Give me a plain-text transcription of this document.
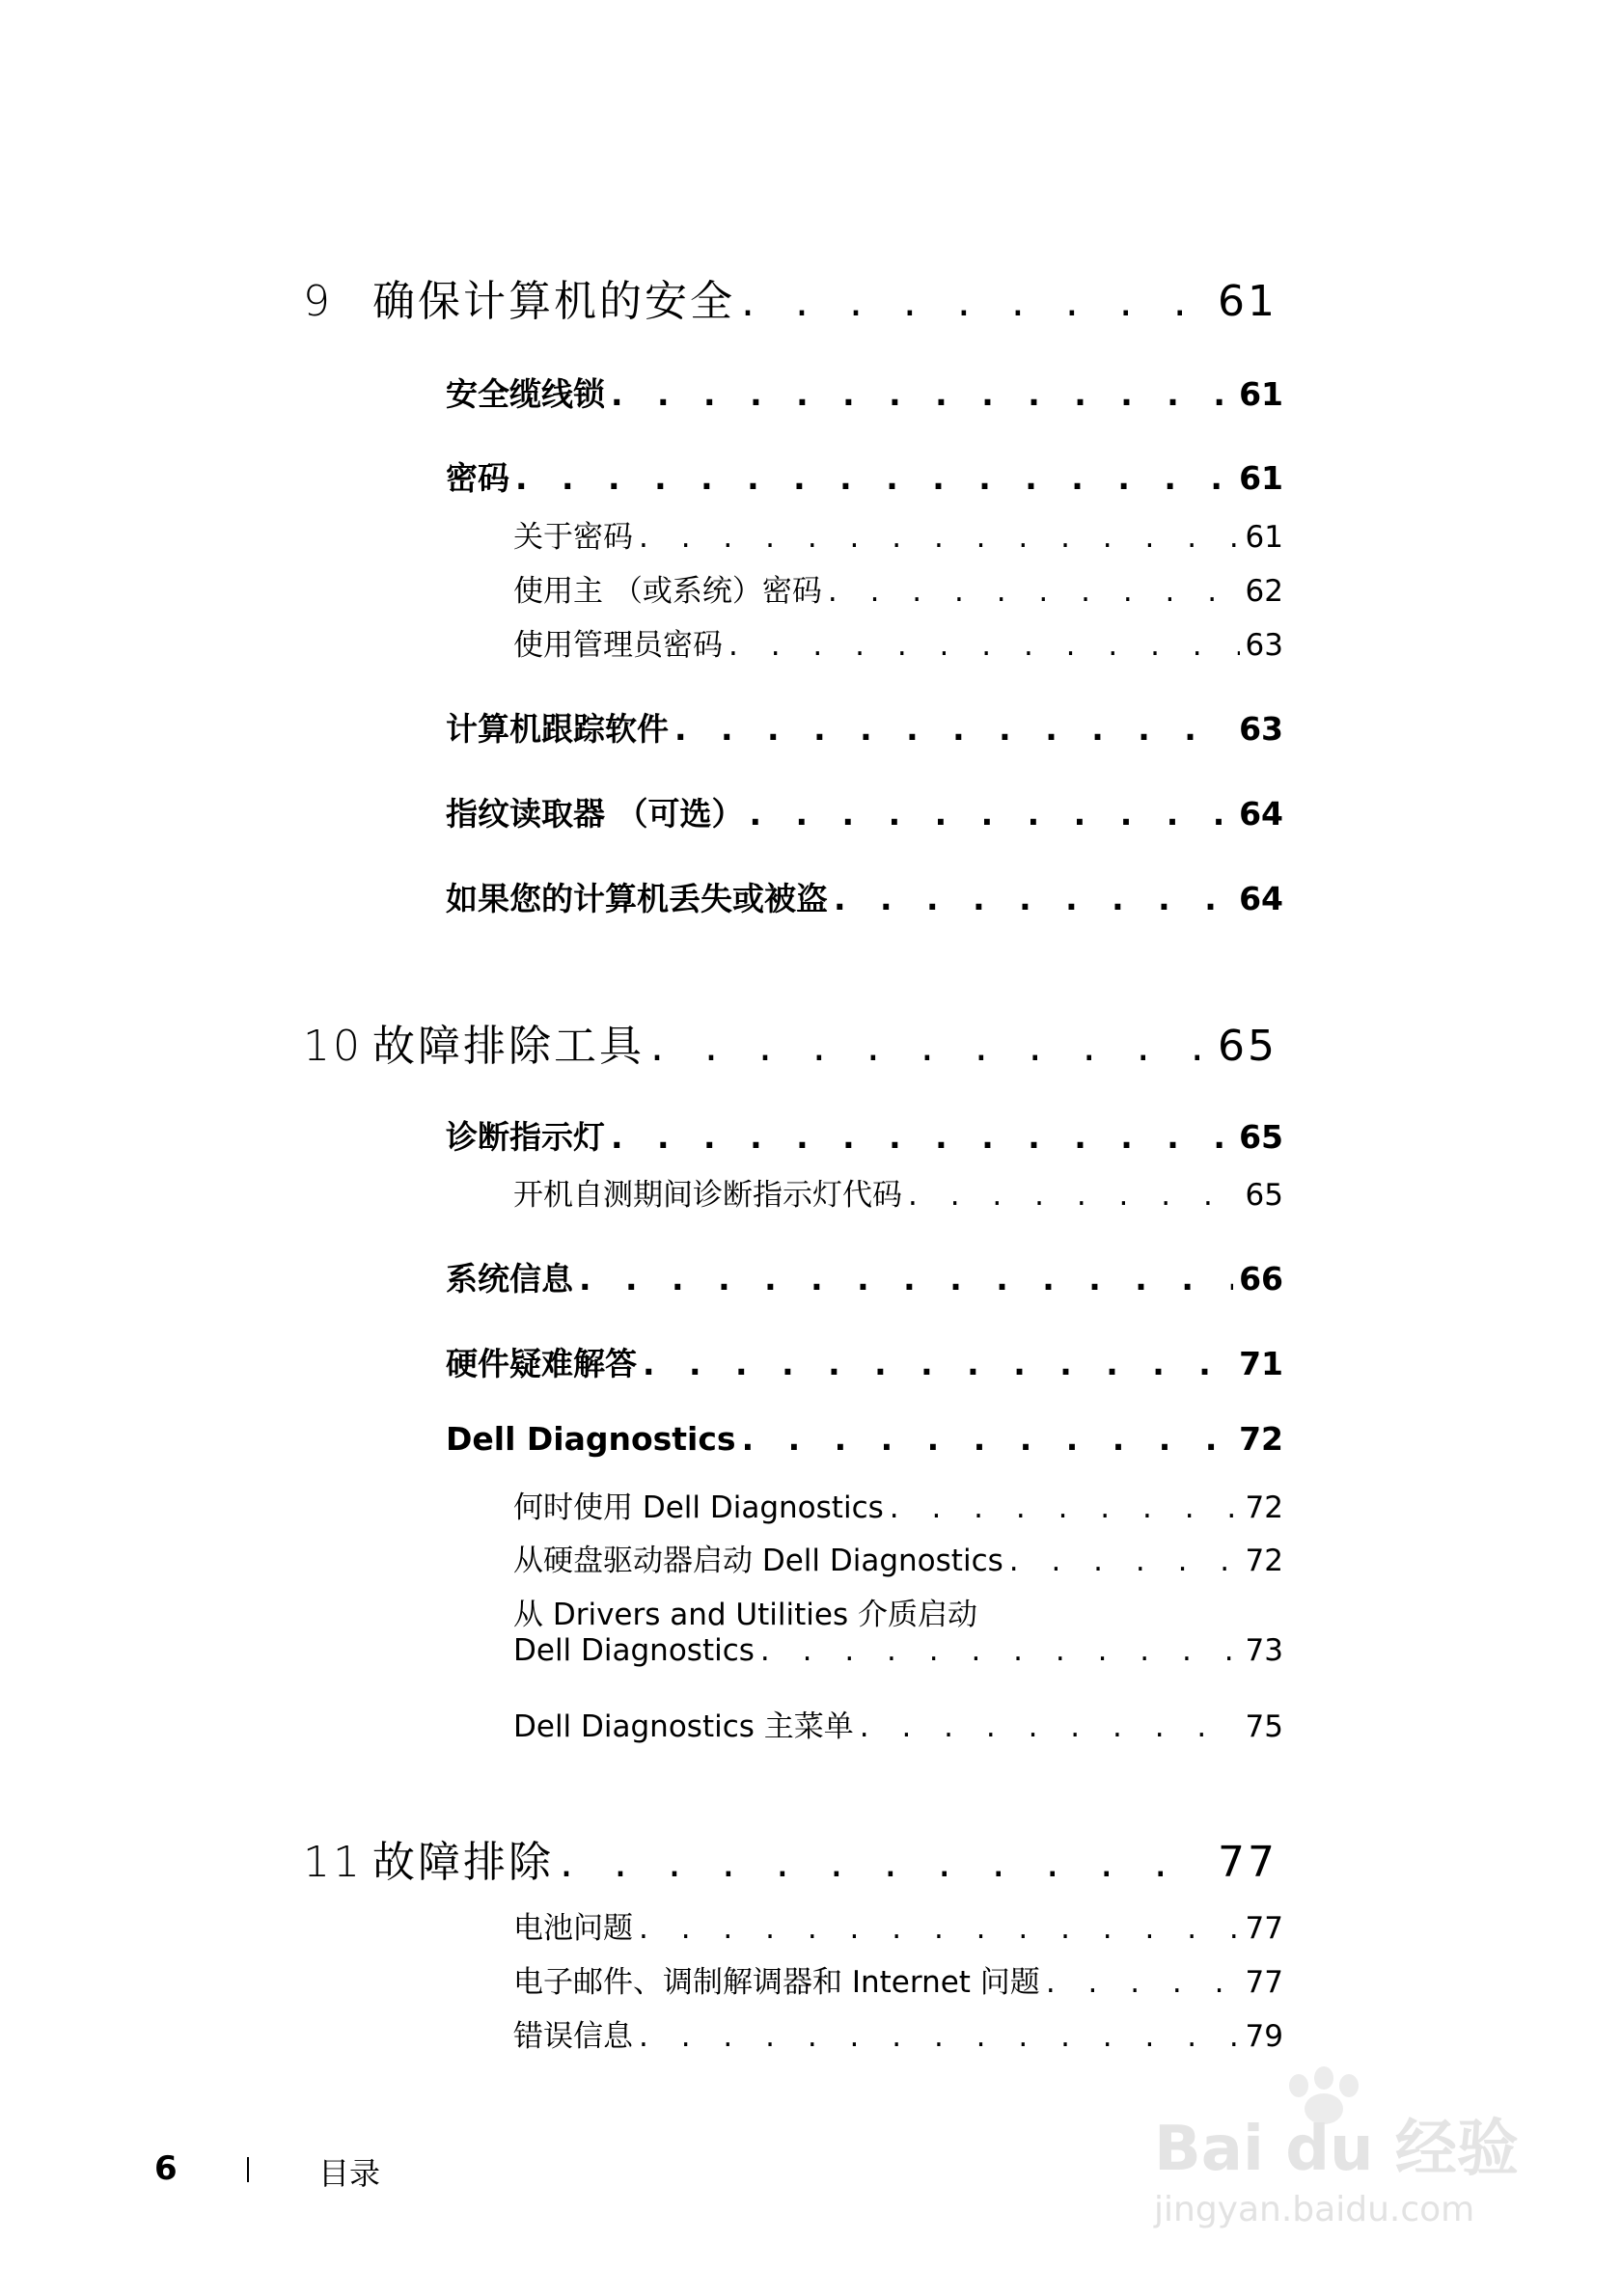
9 确保计算机的安全 . . .	61
安全缆线锁 . . .	61
密码 . . .	61
关于密码 . . .	61
使用主 （或系统）密码 . . .	62
使用管理员密码 . . .	63
计算机跟踪软件 . . .	63
指纹读取器 （可选） . . .	64
如果您的计算机丢失或被盗 . . .	64
10 故障排除工具 . . .	65
诊断指示灯 . . .	65
开机自测期间诊断指示灯代码 . . .	65
系统信息 . . .	66
硬件疑难解答 . . .	71
Dell Diagnostics . . .	72
何时使用 Dell Diagnostics . . .	72
从硬盘驱动器启动 Dell Diagnostics . . .	72
从 Drivers and Utilities 介质启动
Dell Diagnostics . . .	73
Dell Diagnostics 主菜单 . . .	75
11 故障排除 . . .	77
电池问题 . . .	77
电子邮件、调制解调器和 Internet 问题 . . .	77
错误信息 . . .	79
6	目录	Bai du 经验
jingyan.baidu.com
